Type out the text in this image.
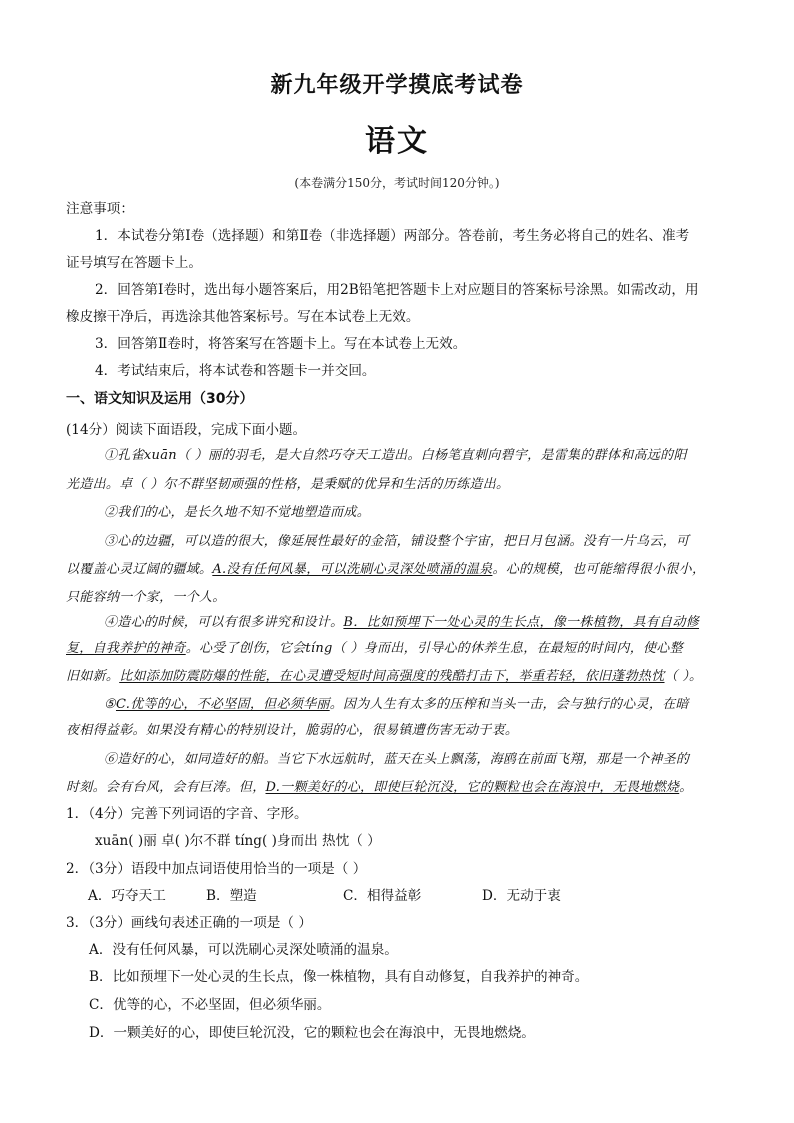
新九年级开学摸底考试卷
语文
(本卷满分150分，考试时间120分钟。)
注意事项：
1．本试卷分第Ⅰ卷（选择题）和第Ⅱ卷（非选择题）两部分。答卷前，考生务必将自己的姓名、准考
证号填写在答题卡上。
2．回答第Ⅰ卷时，选出每小题答案后，用2B铅笔把答题卡上对应题目的答案标号涂黑。如需改动，用
橡皮擦干净后，再选涂其他答案标号。写在本试卷上无效。
3．回答第Ⅱ卷时，将答案写在答题卡上。写在本试卷上无效。
4．考试结束后，将本试卷和答题卡一并交回。
一、语文知识及运用（30分）
(14分）阅读下面语段，完成下面小题。
①孔雀xuān（ ）丽的羽毛，是大自然巧夺天工造出。白杨笔直刺向碧宇，是雷集的群体和高远的阳
光造出。卓（ ）尔不群坚韧顽强的性格，是秉赋的优异和生活的历练造出。
②我们的心，是长久地不知不觉地塑造而成。
③心的边疆，可以造的很大，像延展性最好的金箔，铺设整个宇宙，把日月包涵。没有一片乌云，可
以覆盖心灵辽阔的疆域。A.没有任何风暴，可以洗刷心灵深处喷涌的温泉。心的规模，也可能缩得很小很小，
只能容纳一个家，一个人。
④造心的时候，可以有很多讲究和设计。B．比如预埋下一处心灵的生长点，像一株植物，具有自动修
复，自我养护的神奇。心受了创伤，它会tíng（ ）身而出，引导心的休养生息，在最短的时间内，使心整
旧如新。比如添加防震防爆的性能，在心灵遭受短时间高强度的残酷打击下，举重若轻，依旧蓬勃热忱（ ）。
⑤C.优等的心，不必坚固，但必须华丽。因为人生有太多的压榨和当头一击，会与独行的心灵，在暗
夜相得益彰。如果没有精心的特别设计，脆弱的心，很易镇遭伤害无动于衷。
⑥造好的心，如同造好的船。当它下水远航时，蓝天在头上飘荡，海鸥在前面飞翔，那是一个神圣的
时刻。会有台风，会有巨涛。但，D.一颗美好的心，即使巨轮沉没，它的颗粒也会在海浪中，无畏地燃烧。
1．（4分）完善下列词语的字音、字形。
xuān( )丽 卓( )尔不群 tíng( )身而出 热忱（ ）
2．（3分）语段中加点词语使用恰当的一项是（ ）
A．巧夺天工	B．塑造	C．相得益彰	D．无动于衷
3．（3分）画线句表述正确的一项是（ ）
A．没有任何风暴，可以洗刷心灵深处喷涌的温泉。
B．比如预埋下一处心灵的生长点，像一株植物，具有自动修复，自我养护的神奇。
C．优等的心，不必坚固，但必须华丽。
D．一颗美好的心，即使巨轮沉没，它的颗粒也会在海浪中，无畏地燃烧。
